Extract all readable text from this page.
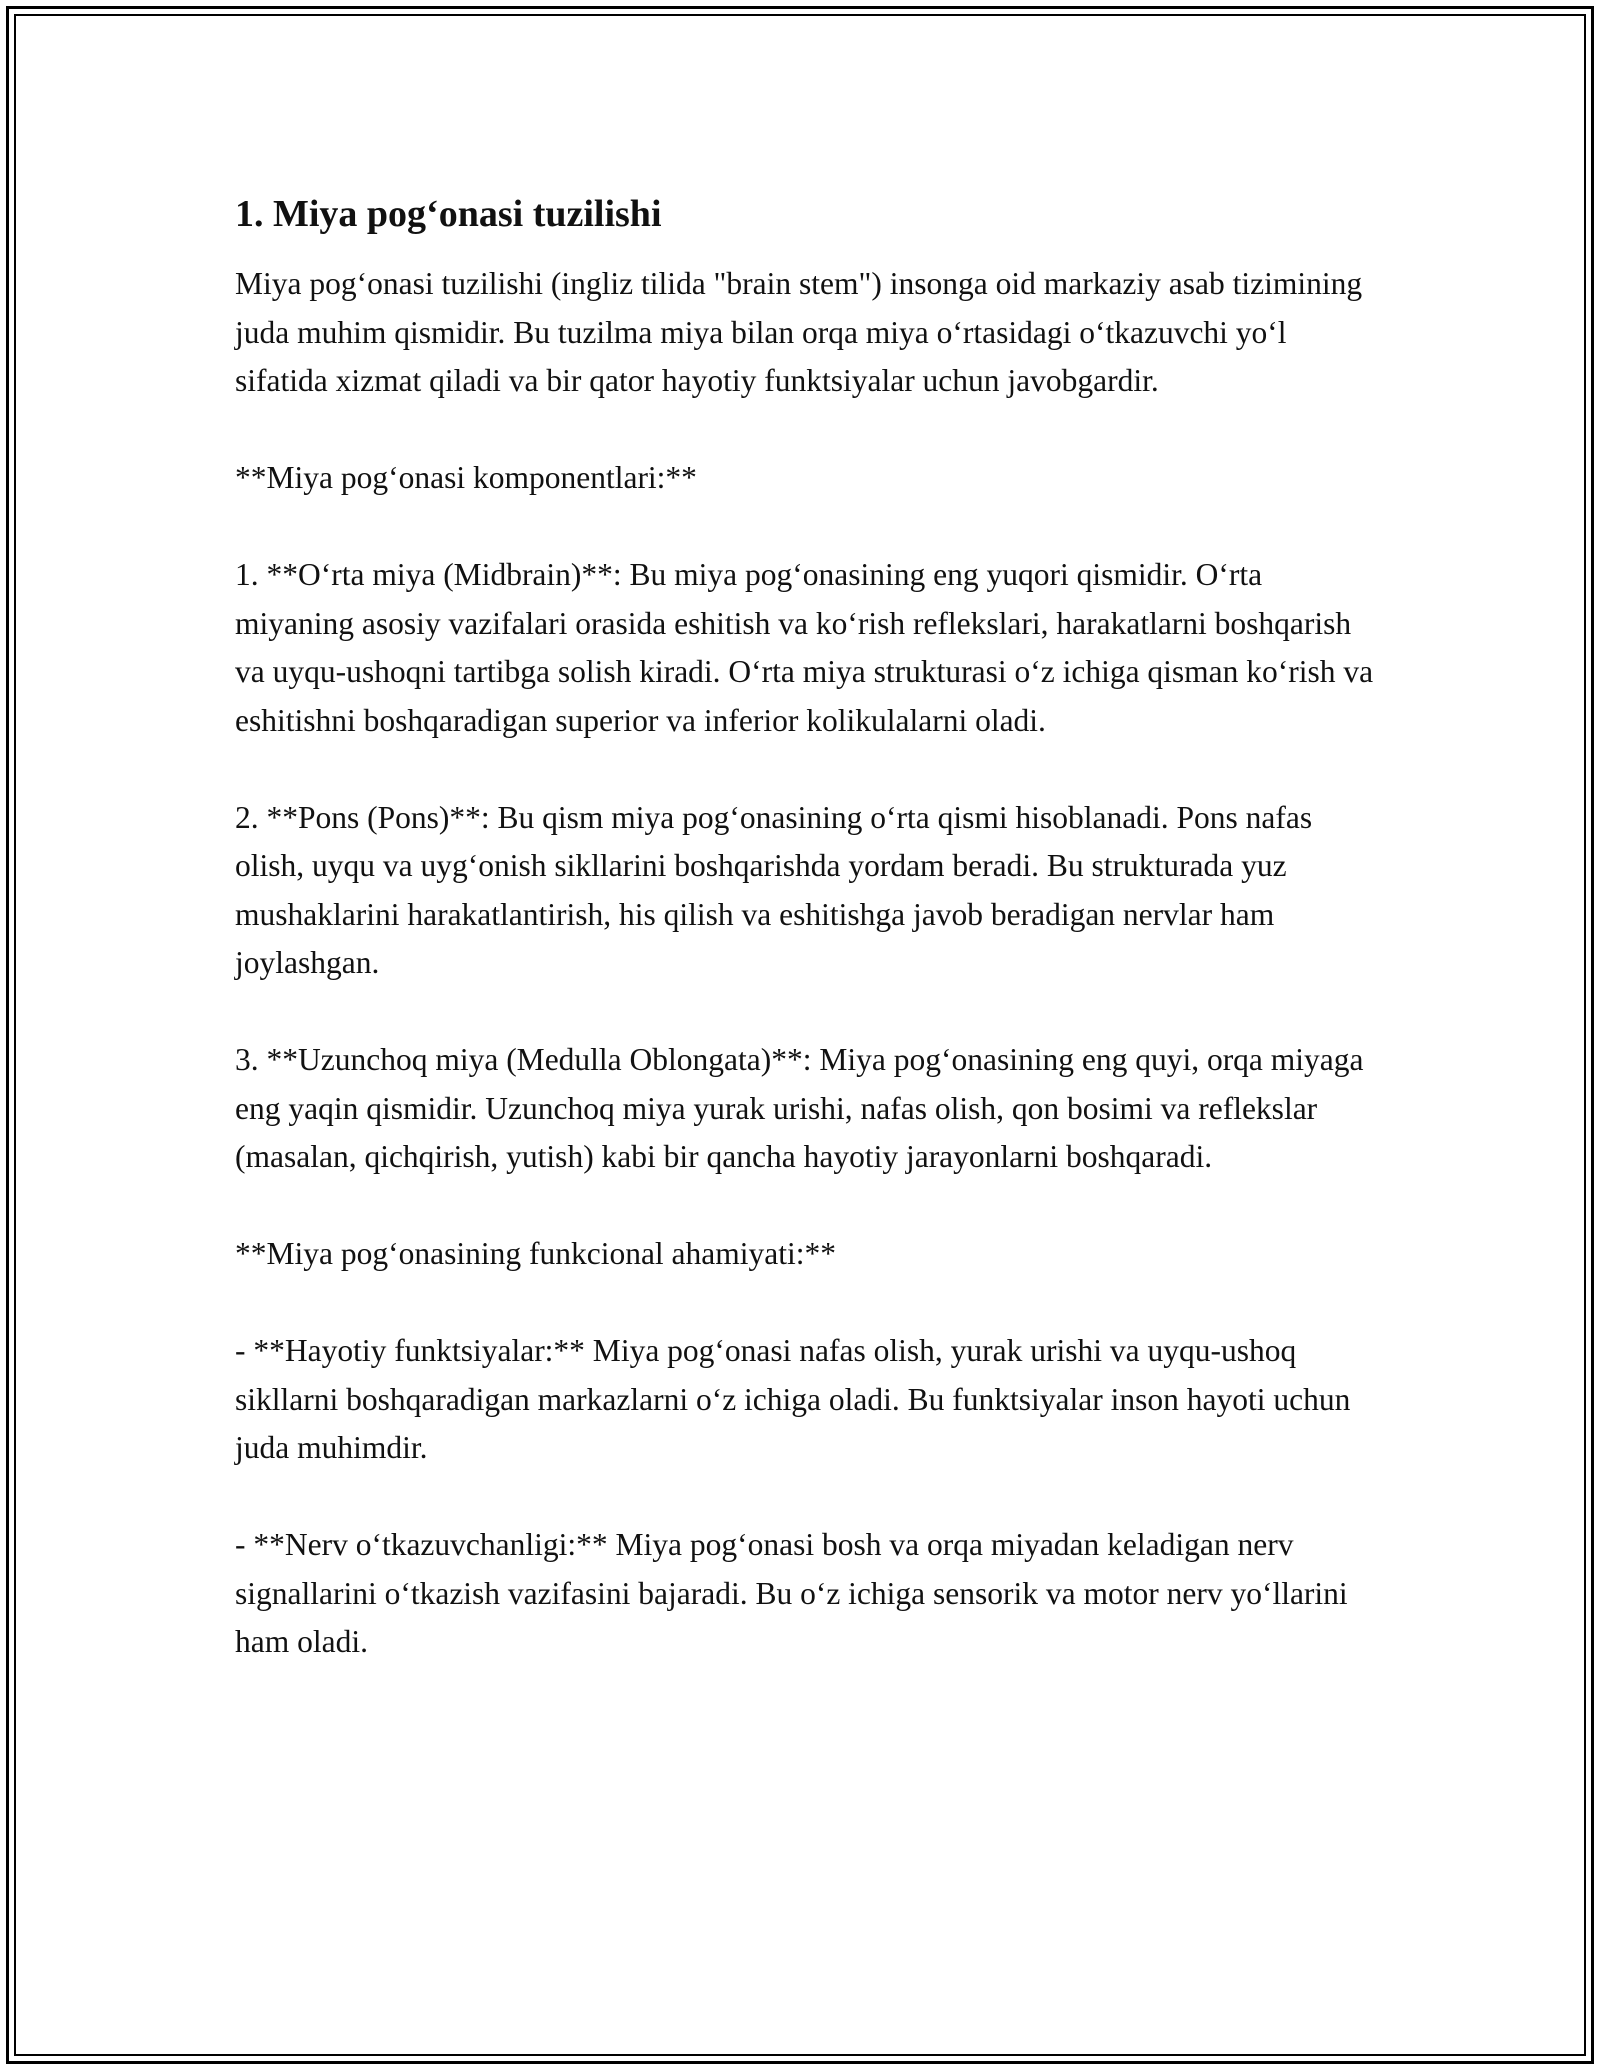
1. Miya pog‘onasi tuzilishi

Miya pog‘onasi tuzilishi (ingliz tilida "brain stem") insonga oid markaziy asab tizimining juda muhim qismidir. Bu tuzilma miya bilan orqa miya o‘rtasidagi o‘tkazuvchi yo‘l sifatida xizmat qiladi va bir qator hayotiy funktsiyalar uchun javobgardir.

**Miya pog‘onasi komponentlari:**

1. **O‘rta miya (Midbrain)**: Bu miya pog‘onasining eng yuqori qismidir. O‘rta miyaning asosiy vazifalari orasida eshitish va ko‘rish reflekslari, harakatlarni boshqarish va uyqu-ushoqni tartibga solish kiradi. O‘rta miya strukturasi o‘z ichiga qisman ko‘rish va eshitishni boshqaradigan superior va inferior kolikulalarni oladi.

2. **Pons (Pons)**: Bu qism miya pog‘onasining o‘rta qismi hisoblanadi. Pons nafas olish, uyqu va uyg‘onish sikllarini boshqarishda yordam beradi. Bu strukturada yuz mushaklarini harakatlantirish, his qilish va eshitishga javob beradigan nervlar ham joylashgan.

3. **Uzunchoq miya (Medulla Oblongata)**: Miya pog‘onasining eng quyi, orqa miyaga eng yaqin qismidir. Uzunchoq miya yurak urishi, nafas olish, qon bosimi va reflekslar (masalan, qichqirish, yutish) kabi bir qancha hayotiy jarayonlarni boshqaradi.

**Miya pog‘onasining funkcional ahamiyati:**

- **Hayotiy funktsiyalar:** Miya pog‘onasi nafas olish, yurak urishi va uyqu-ushoq sikllarni boshqaradigan markazlarni o‘z ichiga oladi. Bu funktsiyalar inson hayoti uchun juda muhimdir.

- **Nerv o‘tkazuvchanligi:** Miya pog‘onasi bosh va orqa miyadan keladigan nerv signallarini o‘tkazish vazifasini bajaradi. Bu o‘z ichiga sensorik va motor nerv yo‘llarini ham oladi.
